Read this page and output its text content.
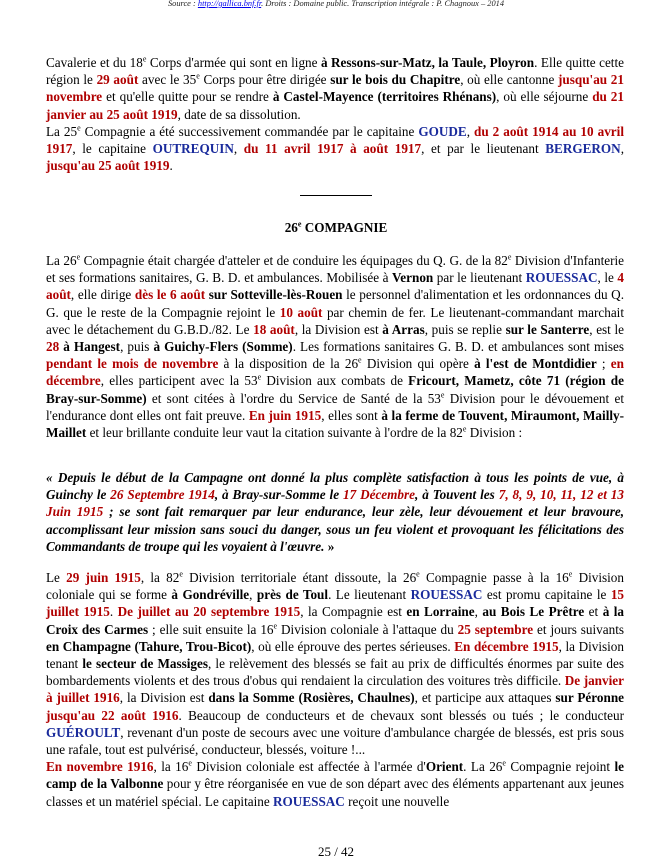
Source : http://gallica.bnf.fr. Droits : Domaine public. Transcription intégrale : P. Chagnoux – 2014

Cavalerie et du 18e Corps d'armée qui sont en ligne à Ressons-sur-Matz, la Taule, Ployron. Elle quitte cette région le 29 août avec le 35e Corps pour être dirigée sur le bois du Chapitre, où elle cantonne jusqu'au 21 novembre et qu'elle quitte pour se rendre à Castel-Mayence (territoires Rhénans), où elle séjourne du 21 janvier au 25 août 1919, date de sa dissolution.

La 25e Compagnie a été successivement commandée par le capitaine GOUDE, du 2 août 1914 au 10 avril 1917, le capitaine OUTREQUIN, du 11 avril 1917 à août 1917, et par le lieutenant BERGERON, jusqu'au 25 août 1919.

26e COMPAGNIE

La 26e Compagnie était chargée d'atteler et de conduire les équipages du Q. G. de la 82e Division d'Infanterie et ses formations sanitaires, G. B. D. et ambulances. Mobilisée à Vernon par le lieutenant ROUESSAC, le 4 août, elle dirige dès le 6 août sur Sotteville-lès-Rouen le personnel d'alimentation et les ordonnances du Q. G. que le reste de la Compagnie rejoint le 10 août par chemin de fer. Le lieutenant-commandant marchait avec le détachement du G.B.D./82. Le 18 août, la Division est à Arras, puis se replie sur le Santerre, est le 28 à Hangest, puis à Guichy-Flers (Somme). Les formations sanitaires G. B. D. et ambulances sont mises pendant le mois de novembre à la disposition de la 26e Division qui opère à l'est de Montdidier ; en décembre, elles participent avec la 53e Division aux combats de Fricourt, Mametz, côte 71 (région de Bray-sur-Somme) et sont citées à l'ordre du Service de Santé de la 53e Division pour le dévouement et l'endurance dont elles ont fait preuve. En juin 1915, elles sont à la ferme de Touvent, Miraumont, Mailly-Maillet et leur brillante conduite leur vaut la citation suivante à l'ordre de la 82e Division :

« Depuis le début de la Campagne ont donné la plus complète satisfaction à tous les points de vue, à Guinchy le 26 Septembre 1914, à Bray-sur-Somme le 17 Décembre, à Touvent les 7, 8, 9, 10, 11, 12 et 13 Juin 1915 ; se sont fait remarquer par leur endurance, leur zèle, leur dévouement et leur bravoure, accomplissant leur mission sans souci du danger, sous un feu violent et provoquant les félicitations des Commandants de troupe qui les voyaient à l'œuvre. »

Le 29 juin 1915, la 82e Division territoriale étant dissoute, la 26e Compagnie passe à la 16e Division coloniale qui se forme à Gondréville, près de Toul. Le lieutenant ROUESSAC est promu capitaine le 15 juillet 1915. De juillet au 20 septembre 1915, la Compagnie est en Lorraine, au Bois Le Prêtre et à la Croix des Carmes ; elle suit ensuite la 16e Division coloniale à l'attaque du 25 septembre et jours suivants en Champagne (Tahure, Trou-Bicot), où elle éprouve des pertes sérieuses. En décembre 1915, la Division tenant le secteur de Massiges, le relèvement des blessés se fait au prix de difficultés énormes par suite des bombardements violents et des trous d'obus qui rendaient la circulation des voitures très difficile. De janvier à juillet 1916, la Division est dans la Somme (Rosières, Chaulnes), et participe aux attaques sur Péronne jusqu'au 22 août 1916. Beaucoup de conducteurs et de chevaux sont blessés ou tués ; le conducteur GUÉROULT, revenant d'un poste de secours avec une voiture d'ambulance chargée de blessés, est pris sous une rafale, tout est pulvérisé, conducteur, blessés, voiture !...

En novembre 1916, la 16e Division coloniale est affectée à l'armée d'Orient. La 26e Compagnie rejoint le camp de la Valbonne pour y être réorganisée en vue de son départ avec des éléments appartenant aux jeunes classes et un matériel spécial. Le capitaine ROUESSAC reçoit une nouvelle

25 / 42
